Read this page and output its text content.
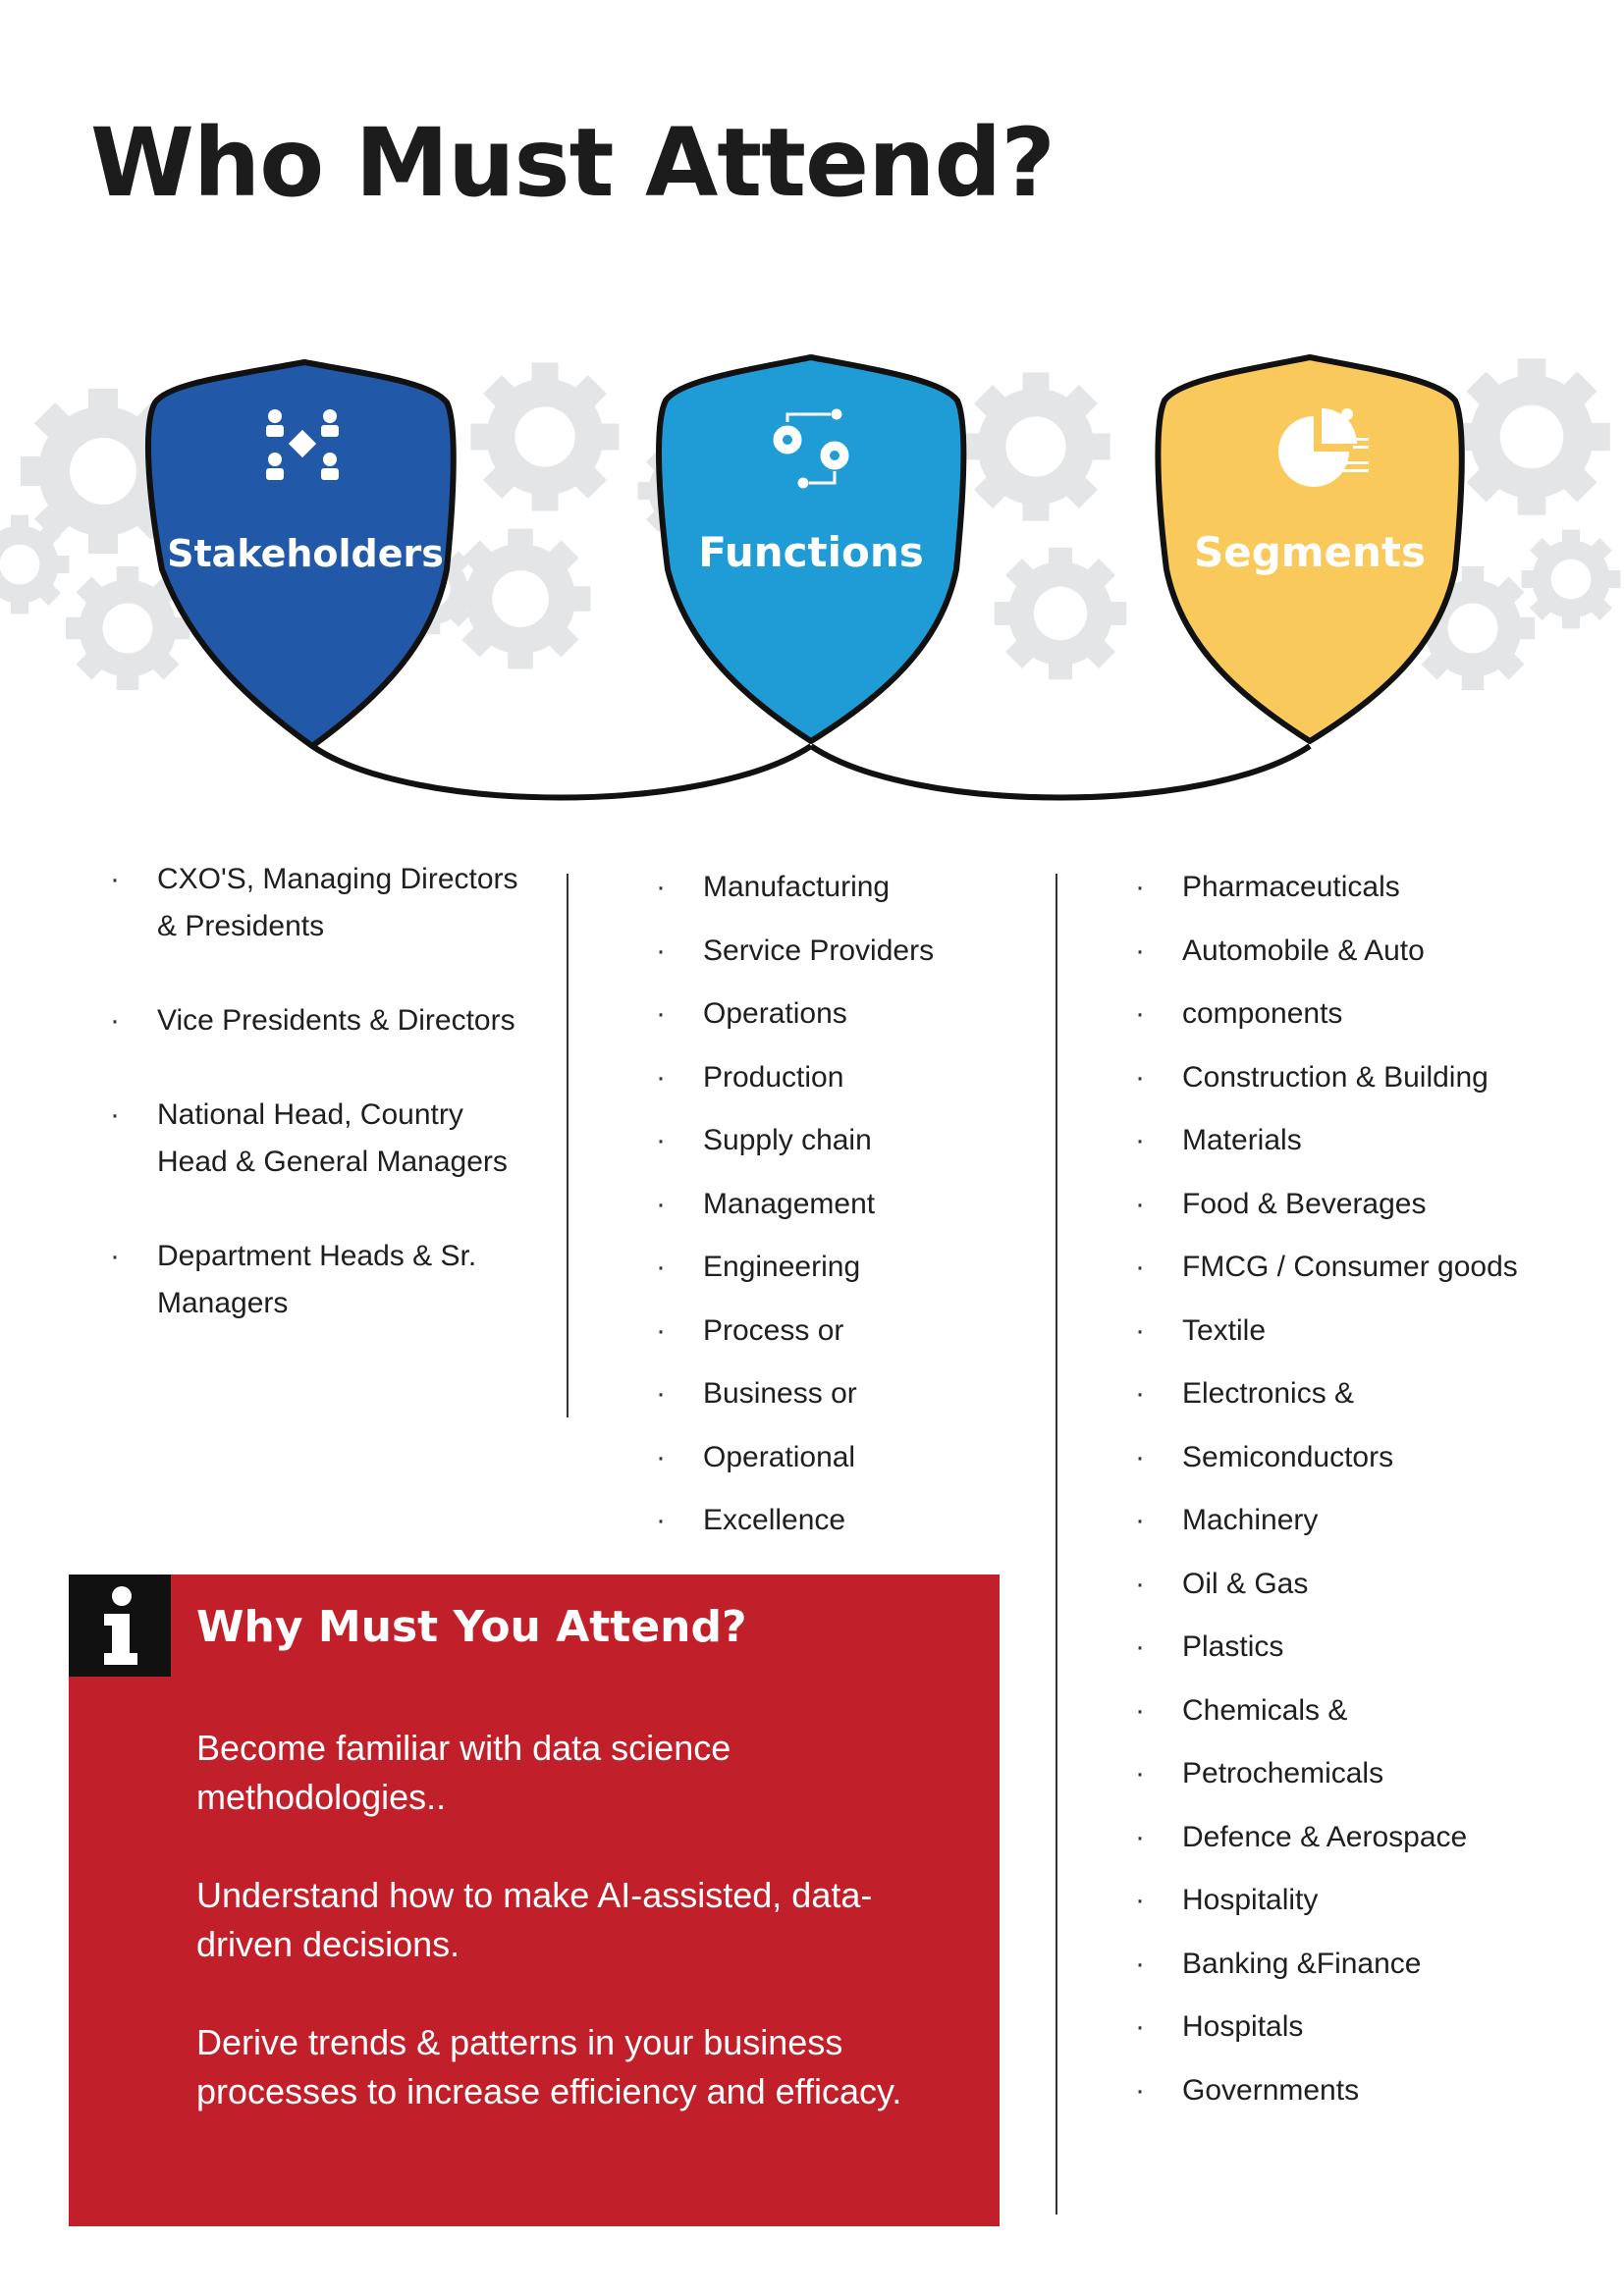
Who Must Attend?
Stakeholders	Functions	Segments
· CXO'S, Managing Directors & Presidents
· Vice Presidents & Directors
· National Head, Country Head & General Managers
· Department Heads & Sr. Managers
· Manufacturing
· Service Providers
· Operations
· Production
· Supply chain
· Management
· Engineering
· Process or
· Business or
· Operational
· Excellence
· Pharmaceuticals
· Automobile & Auto
· components
· Construction & Building
· Materials
· Food & Beverages
· FMCG / Consumer goods
· Textile
· Electronics &
· Semiconductors
· Machinery
· Oil & Gas
· Plastics
· Chemicals &
· Petrochemicals
· Defence & Aerospace
· Hospitality
· Banking &Finance
· Hospitals
· Governments
Why Must You Attend?

Become familiar with data science methodologies..

Understand how to make AI-assisted, data-driven decisions.

Derive trends & patterns in your business processes to increase efficiency and efficacy.
